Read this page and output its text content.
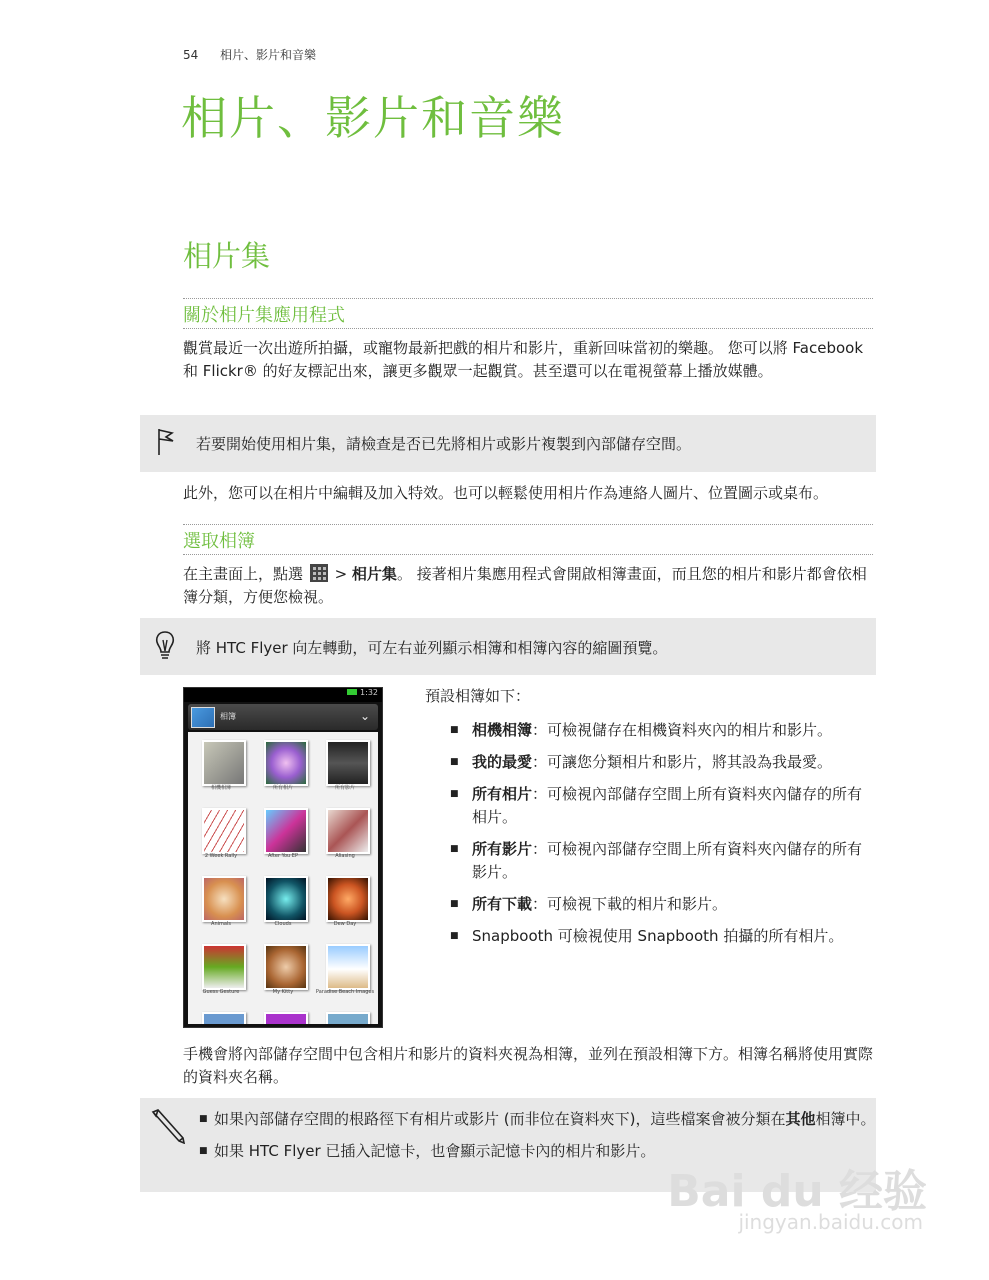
54 相片、影片和音樂
相片、影片和音樂
相片集
關於相片集應用程式
觀賞最近一次出遊所拍攝，或寵物最新把戲的相片和影片，重新回味當初的樂趣。 您可以將 Facebook 和 Flickr® 的好友標記出來，讓更多觀眾一起觀賞。甚至還可以在電視螢幕上播放媒體。
若要開始使用相片集，請檢查是否已先將相片或影片複製到內部儲存空間。
此外，您可以在相片中編輯及加入特效。也可以輕鬆使用相片作為連絡人圖片、位置圖示或桌布。
選取相簿
在主畫面上，點選 > 相片集。 接著相片集應用程式會開啟相簿畫面，而且您的相片和影片都會依相簿分類，方便您檢視。
將 HTC Flyer 向左轉動，可左右並列顯示相簿和相簿內容的縮圖預覽。
1:32
相簿	⌄
相機相簿	所有相片	所有影片
2 Week Rally	After You EP	Aliasing
Animals	Clouds	Dew Day
Guess Gesture	My Kitty	Paradise Beach Images
預設相簿如下：
■ 相機相簿：可檢視儲存在相機資料夾內的相片和影片。
■ 我的最愛：可讓您分類相片和影片，將其設為我最愛。
■ 所有相片：可檢視內部儲存空間上所有資料夾內儲存的所有相片。
■ 所有影片：可檢視內部儲存空間上所有資料夾內儲存的所有影片。
■ 所有下載：可檢視下載的相片和影片。
■ Snapbooth 可檢視使用 Snapbooth 拍攝的所有相片。
手機會將內部儲存空間中包含相片和影片的資料夾視為相簿，並列在預設相簿下方。相簿名稱將使用實際的資料夾名稱。
■ 如果內部儲存空間的根路徑下有相片或影片 (而非位在資料夾下)，這些檔案會被分類在其他相簿中。
■ 如果 HTC Flyer 已插入記憶卡，也會顯示記憶卡內的相片和影片。
Bai du 经验
jingyan.baidu.com
